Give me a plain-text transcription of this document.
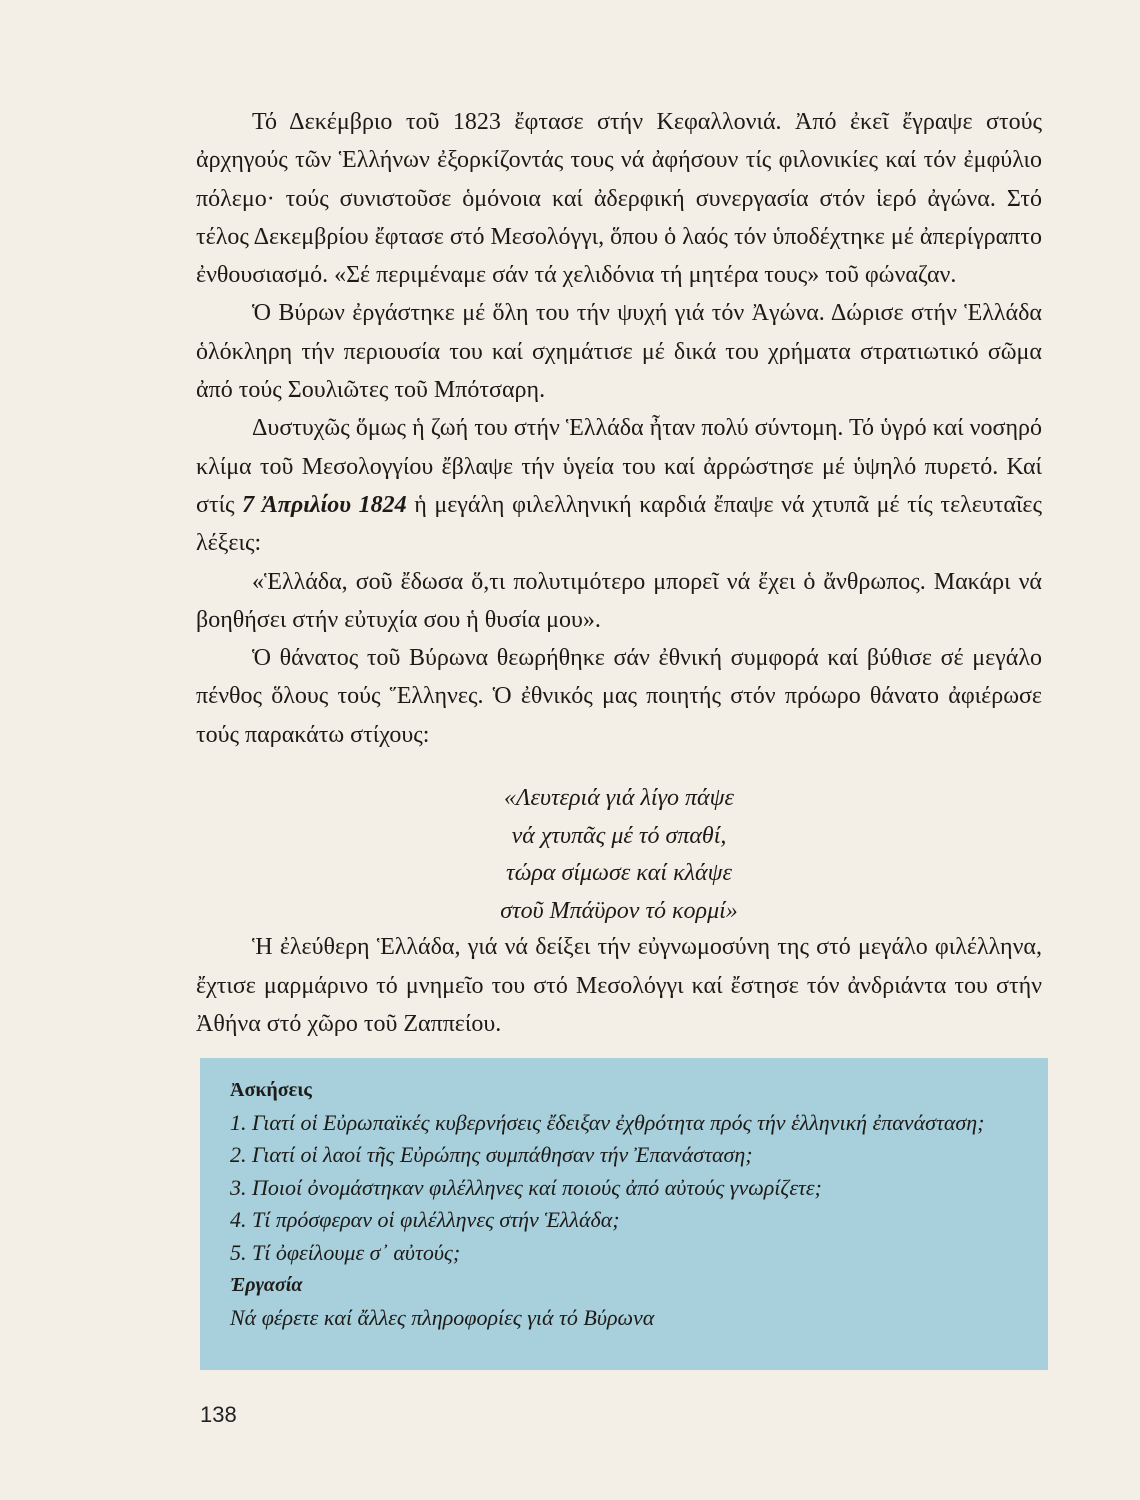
Τό Δεκέμβριο τοῦ 1823 ἔφτασε στήν Κεφαλλονιά. Ἀπό ἐκεῖ ἔγραψε στούς ἀρχηγούς τῶν Ἑλλήνων ἐξορκίζοντάς τους νά ἀφήσουν τίς φιλονικίες καί τόν ἐμφύλιο πόλεμο· τούς συνιστοῦσε ὁμόνοια καί ἀδερφική συνεργασία στόν ἱερό ἀγώνα. Στό τέλος Δεκεμβρίου ἔφτασε στό Μεσολόγγι, ὅπου ὁ λαός τόν ὑποδέχτηκε μέ ἀπερίγραπτο ἐνθουσιασμό. «Σέ περιμέναμε σάν τά χελιδόνια τή μητέρα τους» τοῦ φώναζαν.

Ὁ Βύρων ἐργάστηκε μέ ὅλη του τήν ψυχή γιά τόν Ἀγώνα. Δώρισε στήν Ἑλλάδα ὁλόκληρη τήν περιουσία του καί σχημάτισε μέ δικά του χρήματα στρατιωτικό σῶμα ἀπό τούς Σουλιῶτες τοῦ Μπότσαρη.

Δυστυχῶς ὅμως ἡ ζωή του στήν Ἑλλάδα ἦταν πολύ σύντομη. Τό ὑγρό καί νοσηρό κλίμα τοῦ Μεσολογγίου ἔβλαψε τήν ὑγεία του καί ἀρρώστησε μέ ὑψηλό πυρετό. Καί στίς 7 Ἀπριλίου 1824 ἡ μεγάλη φιλελληνική καρδιά ἔπαψε νά χτυπᾶ μέ τίς τελευταῖες λέξεις:

«Ἑλλάδα, σοῦ ἔδωσα ὅ,τι πολυτιμότερο μπορεῖ νά ἔχει ὁ ἄνθρωπος. Μακάρι νά βοηθήσει στήν εὐτυχία σου ἡ θυσία μου».

Ὁ θάνατος τοῦ Βύρωνα θεωρήθηκε σάν ἐθνική συμφορά καί βύθισε σέ μεγάλο πένθος ὅλους τούς Ἕλληνες. Ὁ ἐθνικός μας ποιητής στόν πρόωρο θάνατο ἀφιέρωσε τούς παρακάτω στίχους:

«Λευτεριά γιά λίγο πάψε
νά χτυπᾶς μέ τό σπαθί,
τώρα σίμωσε καί κλάψε
στοῦ Μπάϋρον τό κορμί»

Ἡ ἐλεύθερη Ἑλλάδα, γιά νά δείξει τήν εὐγνωμοσύνη της στό μεγάλο φιλέλληνα, ἔχτισε μαρμάρινο τό μνημεῖο του στό Μεσολόγγι καί ἔστησε τόν ἀνδριάντα του στήν Ἀθήνα στό χῶρο τοῦ Ζαππείου.

Ἀσκήσεις
1. Γιατί οἱ Εὐρωπαϊκές κυβερνήσεις ἔδειξαν ἐχθρότητα πρός τήν ἑλληνική ἐπανάσταση;
2. Γιατί οἱ λαοί τῆς Εὐρώπης συμπάθησαν τήν Ἐπανάσταση;
3. Ποιοί ὀνομάστηκαν φιλέλληνες καί ποιούς ἀπό αὐτούς γνωρίζετε;
4. Τί πρόσφεραν οἱ φιλέλληνες στήν Ἑλλάδα;
5. Τί ὀφείλουμε σ᾽ αὐτούς;
Ἐργασία
Νά φέρετε καί ἄλλες πληροφορίες γιά τό Βύρωνα
138
